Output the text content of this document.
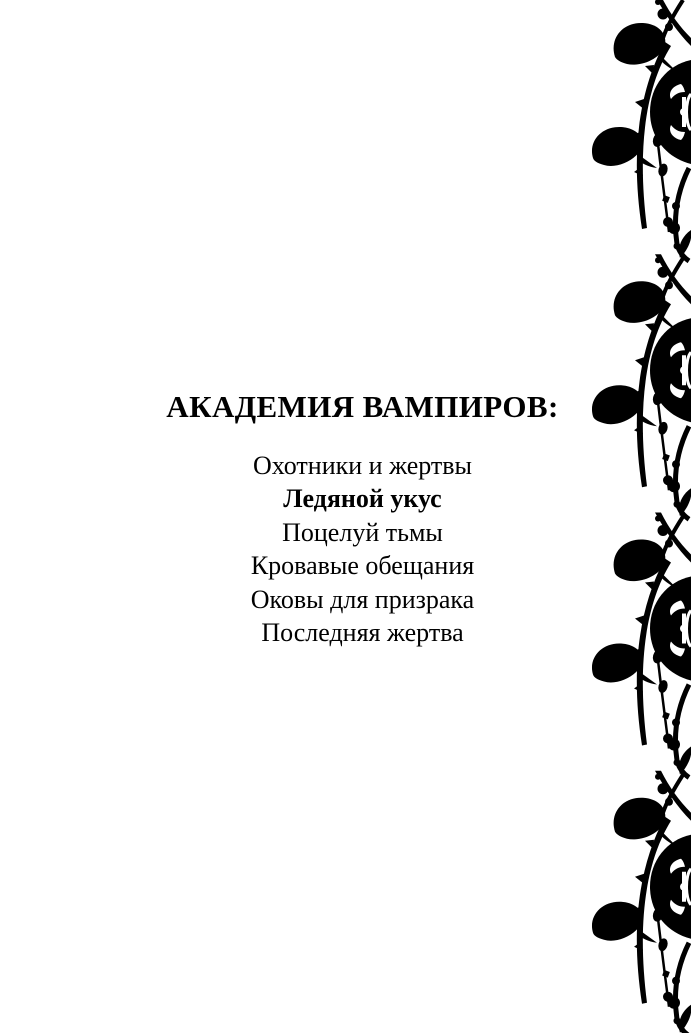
АКАДЕМИЯ ВАМПИРОВ:
Охотники и жертвы
Ледяной укус
Поцелуй тьмы
Кровавые обещания
Оковы для призрака
Последняя жертва
